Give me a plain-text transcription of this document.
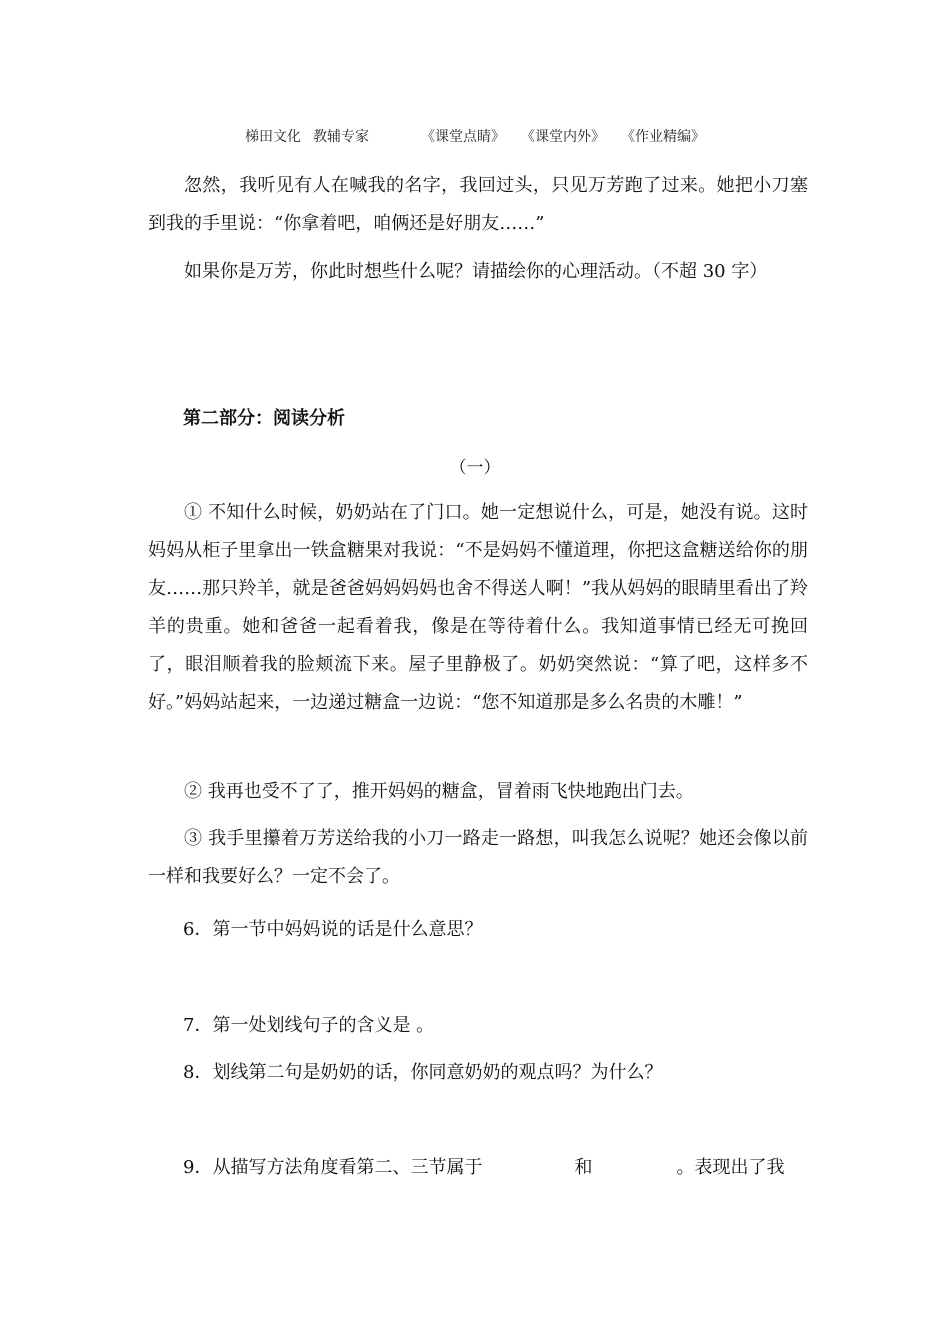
梯田文化 教辅专家	《课堂点睛》 《课堂内外》 《作业精编》
忽然，我听见有人在喊我的名字，我回过头，只见万芳跑了过来。她把小刀塞到我的手里说：“你拿着吧，咱俩还是好朋友……”
如果你是万芳，你此时想些什么呢？请描绘你的心理活动。（不超 30 字）
第二部分：阅读分析
（一）
① 不知什么时候，奶奶站在了门口。她一定想说什么，可是，她没有说。这时妈妈从柜子里拿出一铁盒糖果对我说：“不是妈妈不懂道理，你把这盒糖送给你的朋友……那只羚羊，就是爸爸妈妈妈妈也舍不得送人啊！”我从妈妈的眼睛里看出了羚羊的贵重。她和爸爸一起看着我，像是在等待着什么。我知道事情已经无可挽回了，眼泪顺着我的脸颊流下来。屋子里静极了。奶奶突然说：“算了吧，这样多不好。”妈妈站起来，一边递过糖盒一边说：“您不知道那是多么名贵的木雕！”
② 我再也受不了了，推开妈妈的糖盒，冒着雨飞快地跑出门去。
③ 我手里攥着万芳送给我的小刀一路走一路想，叫我怎么说呢？她还会像以前一样和我要好么？一定不会了。
6．第一节中妈妈说的话是什么意思？
7．第一处划线句子的含义是 。
8．划线第二句是奶奶的话，你同意奶奶的观点吗？为什么？
9．从描写方法角度看第二、三节属于	和	。表现出了我
